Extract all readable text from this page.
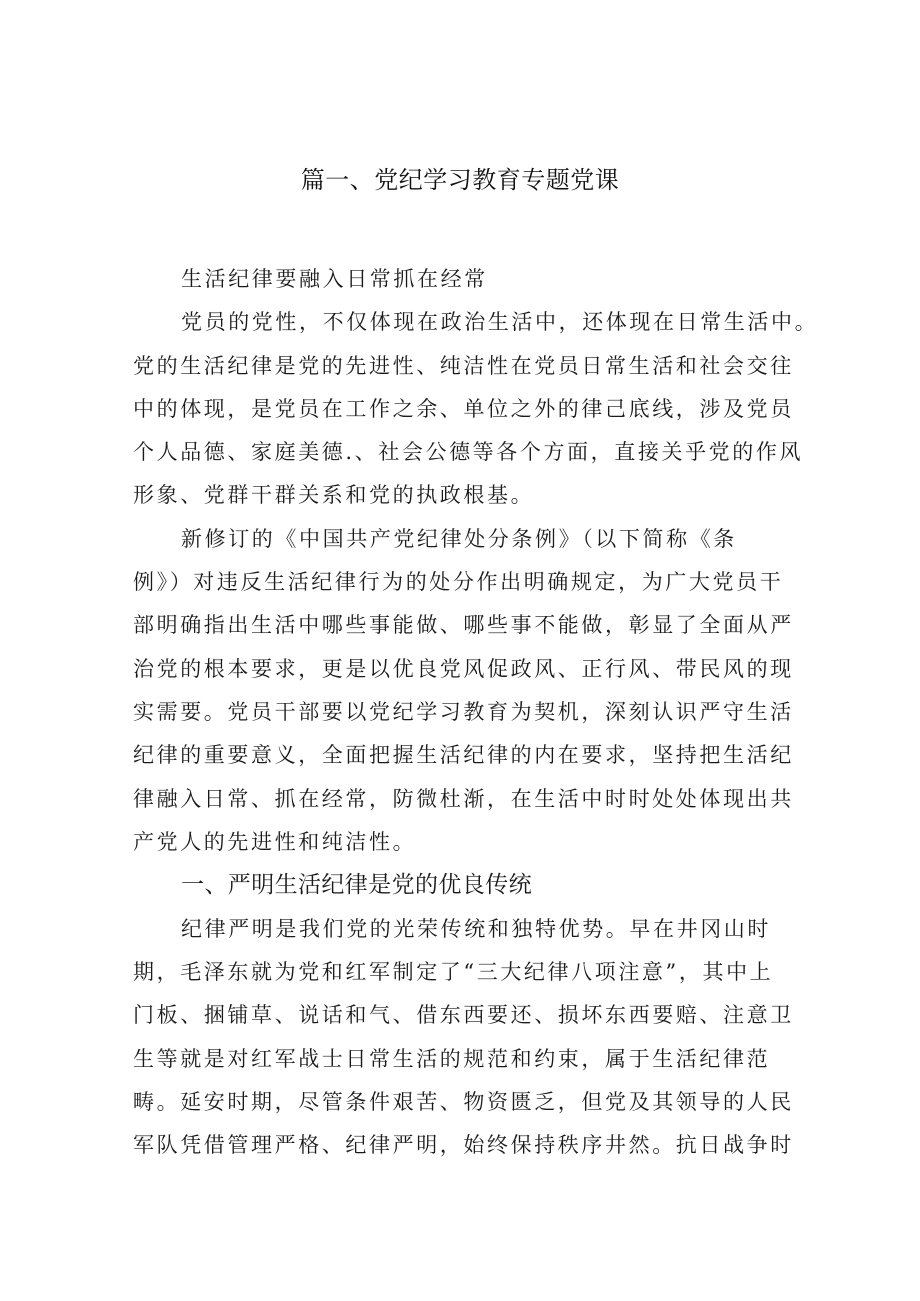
篇一、党纪学习教育专题党课
生活纪律要融入日常抓在经常
党员的党性，不仅体现在政治生活中，还体现在日常生活中。
党的生活纪律是党的先进性、纯洁性在党员日常生活和社会交往
中的体现，是党员在工作之余、单位之外的律己底线，涉及党员
个人品德、家庭美德.、社会公德等各个方面，直接关乎党的作风
形象、党群干群关系和党的执政根基。
新修订的《中国共产党纪律处分条例》（以下简称《条
例》）对违反生活纪律行为的处分作出明确规定，为广大党员干
部明确指出生活中哪些事能做、哪些事不能做，彰显了全面从严
治党的根本要求，更是以优良党风促政风、正行风、带民风的现
实需要。党员干部要以党纪学习教育为契机，深刻认识严守生活
纪律的重要意义，全面把握生活纪律的内在要求，坚持把生活纪
律融入日常、抓在经常，防微杜渐，在生活中时时处处体现出共
产党人的先进性和纯洁性。
一、严明生活纪律是党的优良传统
纪律严明是我们党的光荣传统和独特优势。早在井冈山时
期，毛泽东就为党和红军制定了“三大纪律八项注意”，其中上
门板、捆铺草、说话和气、借东西要还、损坏东西要赔、注意卫
生等就是对红军战士日常生活的规范和约束，属于生活纪律范
畴。延安时期，尽管条件艰苦、物资匮乏，但党及其领导的人民
军队凭借管理严格、纪律严明，始终保持秩序井然。抗日战争时
